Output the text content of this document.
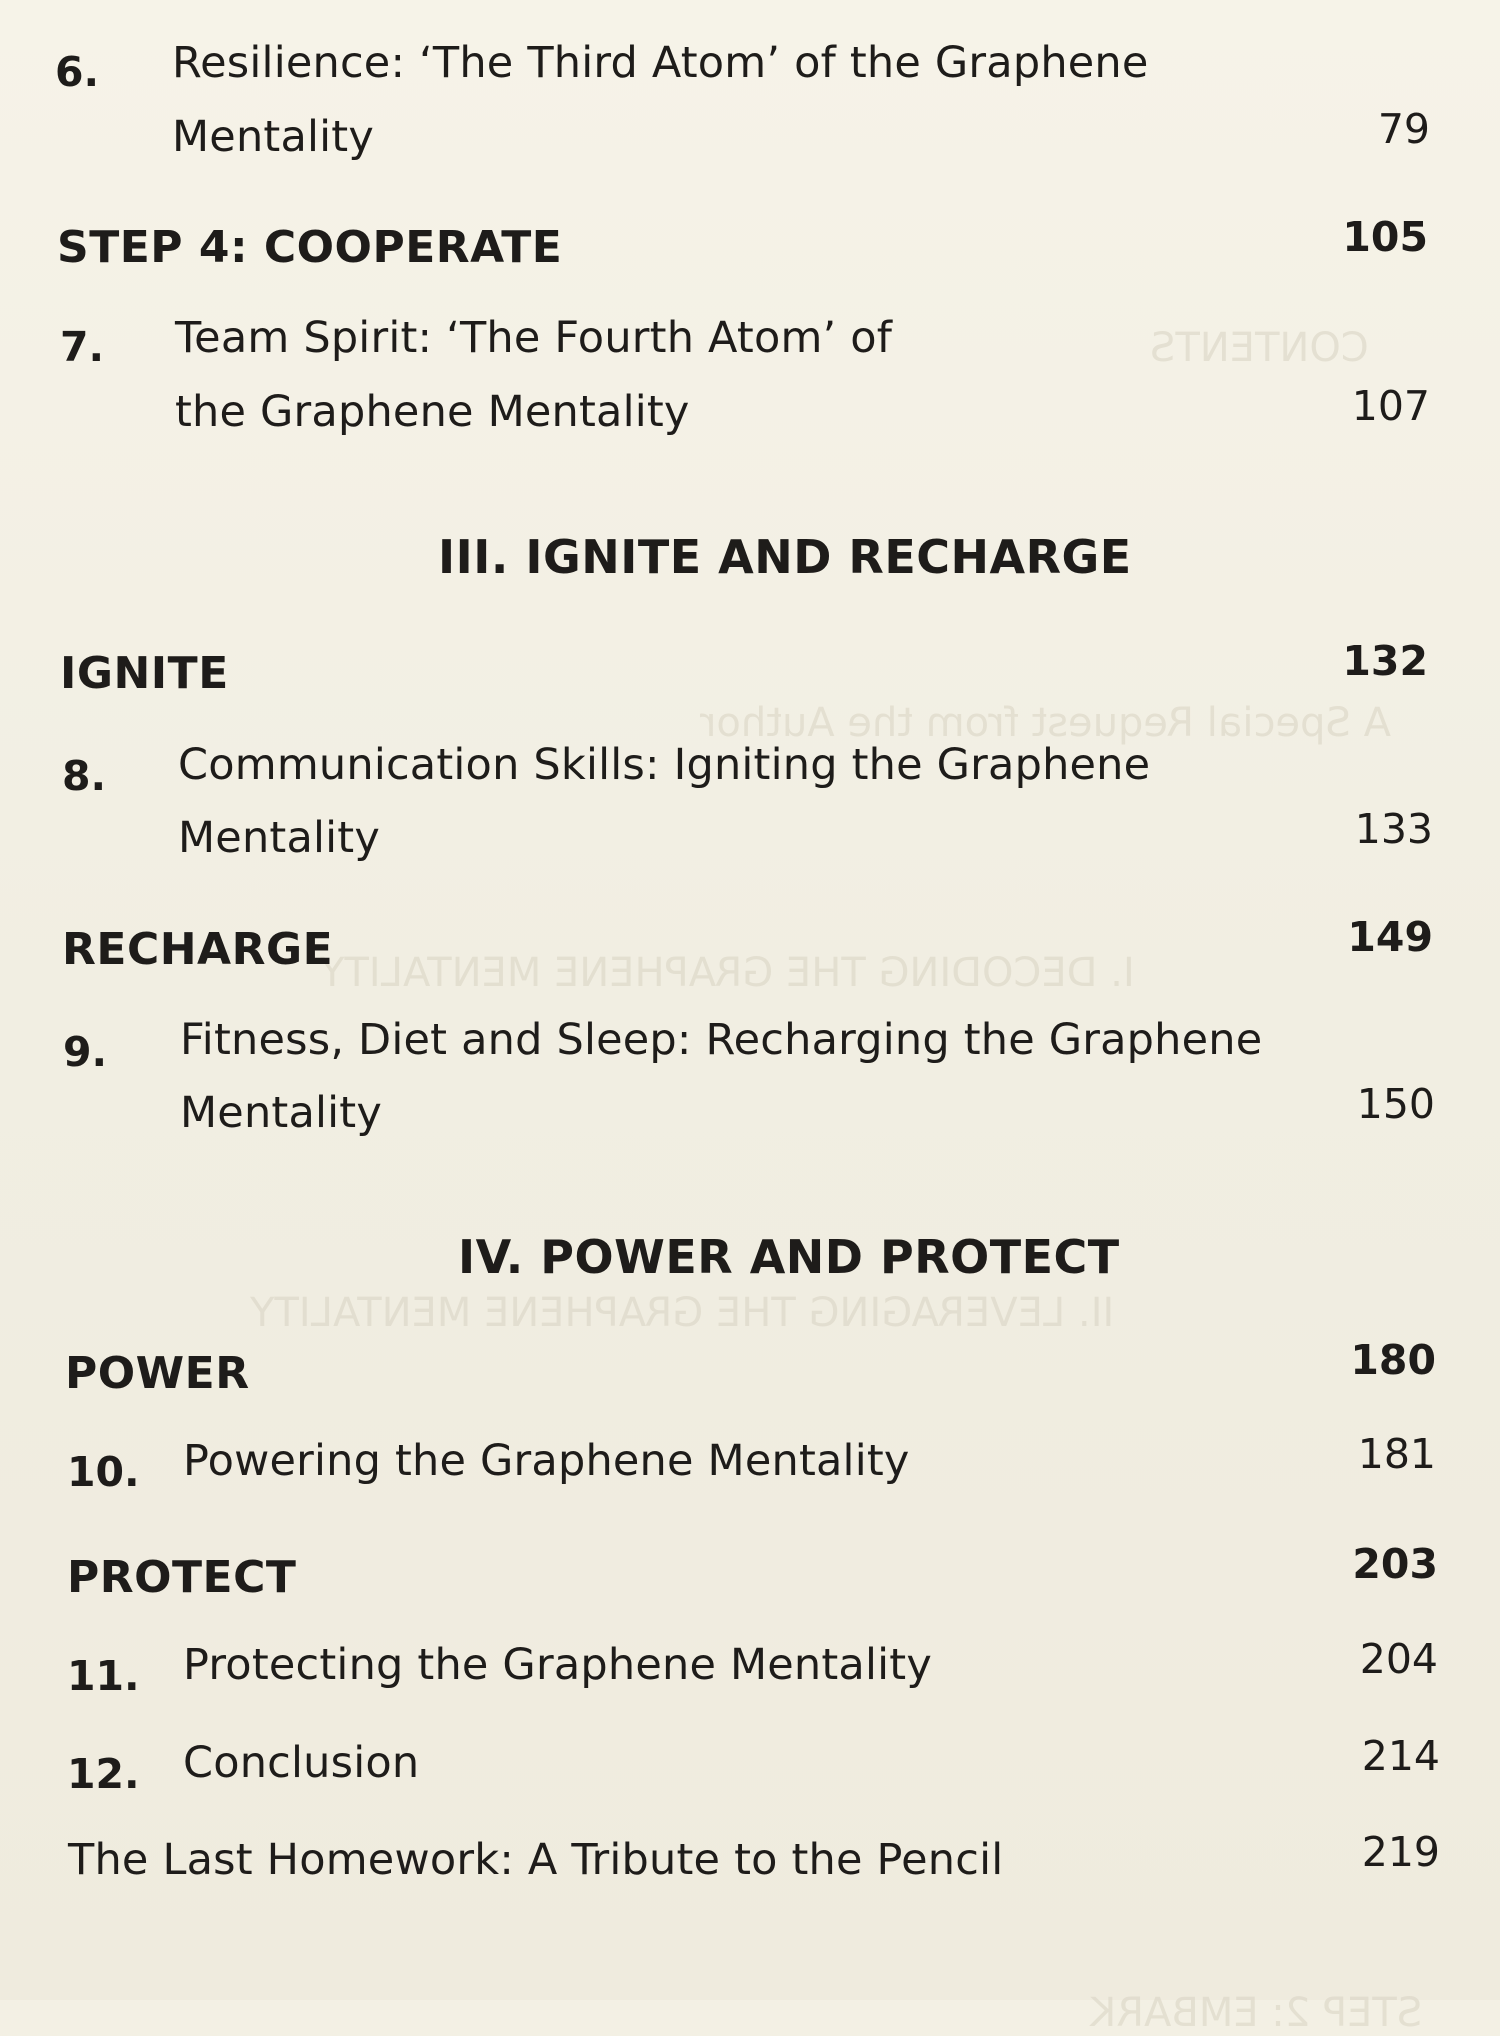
CONTENTS
A Special Request from the Author
I. DECODING THE GRAPHENE MENTALITY
II. LEVERAGING THE GRAPHENE MENTALITY
STEP 2: EMBARK
6. Resilience: ‘The Third Atom’ of the Graphene
Mentality	79
STEP 4: COOPERATE	105
7. Team Spirit: ‘The Fourth Atom’ of
the Graphene Mentality	107
III. IGNITE AND RECHARGE
IGNITE	132
8. Communication Skills: Igniting the Graphene
Mentality	133
RECHARGE	149
9. Fitness, Diet and Sleep: Recharging the Graphene
Mentality	150
IV. POWER AND PROTECT
POWER	180
10. Powering the Graphene Mentality	181
PROTECT	203
11. Protecting the Graphene Mentality	204
12. Conclusion	214
The Last Homework: A Tribute to the Pencil	219
